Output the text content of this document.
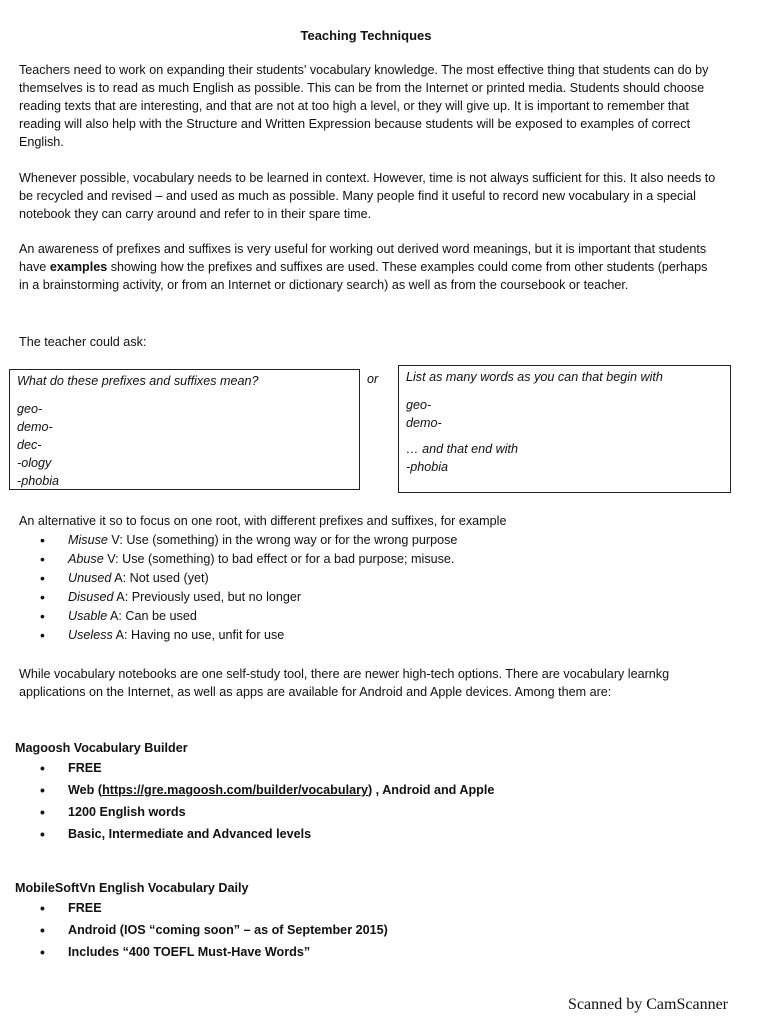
Teaching Techniques

Teachers need to work on expanding their students' vocabulary knowledge. The most effective thing that students can do by themselves is to read as much English as possible. This can be from the Internet or printed media. Students should choose reading texts that are interesting, and that are not at too high a level, or they will give up. It is important to remember that reading will also help with the Structure and Written Expression because students will be exposed to examples of correct English.

Whenever possible, vocabulary needs to be learned in context. However, time is not always sufficient for this. It also needs to be recycled and revised – and used as much as possible. Many people find it useful to record new vocabulary in a special notebook they can carry around and refer to in their spare time.

An awareness of prefixes and suffixes is very useful for working out derived word meanings, but it is important that students have examples showing how the prefixes and suffixes are used. These examples could come from other students (perhaps in a brainstorming activity, or from an Internet or dictionary search) as well as from the coursebook or teacher.

The teacher could ask:

What do these prefixes and suffixes mean?
geo-
demo-
dec-
-ology
-phobia
or List as many words as you can that begin with
geo-
demo-
… and that end with
-phobia

An alternative it so to focus on one root, with different prefixes and suffixes, for example

• Misuse V: Use (something) in the wrong way or for the wrong purpose
• Abuse V: Use (something) to bad effect or for a bad purpose; misuse.
• Unused A: Not used (yet)
• Disused A: Previously used, but no longer
• Usable A: Can be used
• Useless A: Having no use, unfit for use

While vocabulary notebooks are one self-study tool, there are newer high-tech options. There are vocabulary learnkg applications on the Internet, as well as apps are available for Android and Apple devices. Among them are:

Magoosh Vocabulary Builder
• FREE
• Web (https://gre.magoosh.com/builder/vocabulary) , Android and Apple
• 1200 English words
• Basic, Intermediate and Advanced levels
MobileSoftVn English Vocabulary Daily
• FREE
• Android (IOS “coming soon” – as of September 2015)
• Includes “400 TOEFL Must-Have Words”
Scanned by CamScanner
